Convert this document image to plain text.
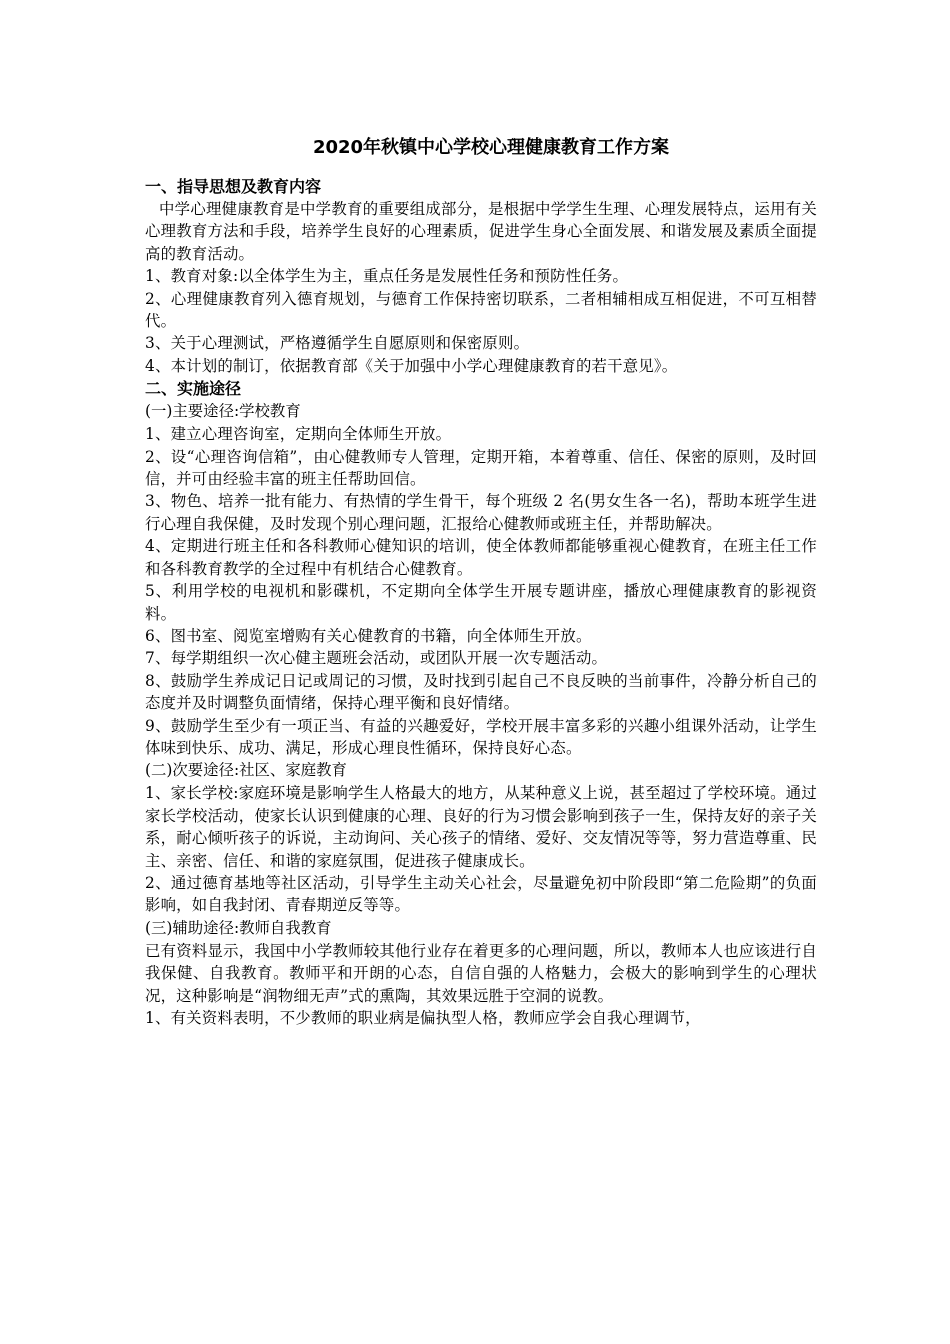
2020年秋镇中心学校心理健康教育工作方案

一、指导思想及教育内容

中学心理健康教育是中学教育的重要组成部分，是根据中学学生生理、心理发展特点，运用有关心理教育方法和手段，培养学生良好的心理素质，促进学生身心全面发展、和谐发展及素质全面提高的教育活动。

1、教育对象:以全体学生为主，重点任务是发展性任务和预防性任务。

2、心理健康教育列入德育规划，与德育工作保持密切联系，二者相辅相成互相促进，不可互相替代。

3、关于心理测试，严格遵循学生自愿原则和保密原则。

4、本计划的制订，依据教育部《关于加强中小学心理健康教育的若干意见》。

二、实施途径

(一)主要途径:学校教育

1、建立心理咨询室，定期向全体师生开放。

2、设“心理咨询信箱”，由心健教师专人管理，定期开箱，本着尊重、信任、保密的原则，及时回信，并可由经验丰富的班主任帮助回信。

3、物色、培养一批有能力、有热情的学生骨干，每个班级 2 名(男女生各一名)，帮助本班学生进行心理自我保健，及时发现个别心理问题，汇报给心健教师或班主任，并帮助解决。

4、定期进行班主任和各科教师心健知识的培训，使全体教师都能够重视心健教育，在班主任工作和各科教育教学的全过程中有机结合心健教育。

5、利用学校的电视机和影碟机，不定期向全体学生开展专题讲座，播放心理健康教育的影视资料。

6、图书室、阅览室增购有关心健教育的书籍，向全体师生开放。

7、每学期组织一次心健主题班会活动，或团队开展一次专题活动。

8、鼓励学生养成记日记或周记的习惯，及时找到引起自己不良反映的当前事件，冷静分析自己的态度并及时调整负面情绪，保持心理平衡和良好情绪。

9、鼓励学生至少有一项正当、有益的兴趣爱好，学校开展丰富多彩的兴趣小组课外活动，让学生体味到快乐、成功、满足，形成心理良性循环，保持良好心态。

(二)次要途径:社区、家庭教育

1、家长学校:家庭环境是影响学生人格最大的地方，从某种意义上说，甚至超过了学校环境。通过家长学校活动，使家长认识到健康的心理、良好的行为习惯会影响到孩子一生，保持友好的亲子关系，耐心倾听孩子的诉说，主动询问、关心孩子的情绪、爱好、交友情况等等，努力营造尊重、民主、亲密、信任、和谐的家庭氛围，促进孩子健康成长。

2、通过德育基地等社区活动，引导学生主动关心社会，尽量避免初中阶段即“第二危险期”的负面影响，如自我封闭、青春期逆反等等。

(三)辅助途径:教师自我教育

已有资料显示，我国中小学教师较其他行业存在着更多的心理问题，所以，教师本人也应该进行自我保健、自我教育。教师平和开朗的心态，自信自强的人格魅力，会极大的影响到学生的心理状况，这种影响是“润物细无声”式的熏陶，其效果远胜于空洞的说教。

1、有关资料表明，不少教师的职业病是偏执型人格，教师应学会自我心理调节，
